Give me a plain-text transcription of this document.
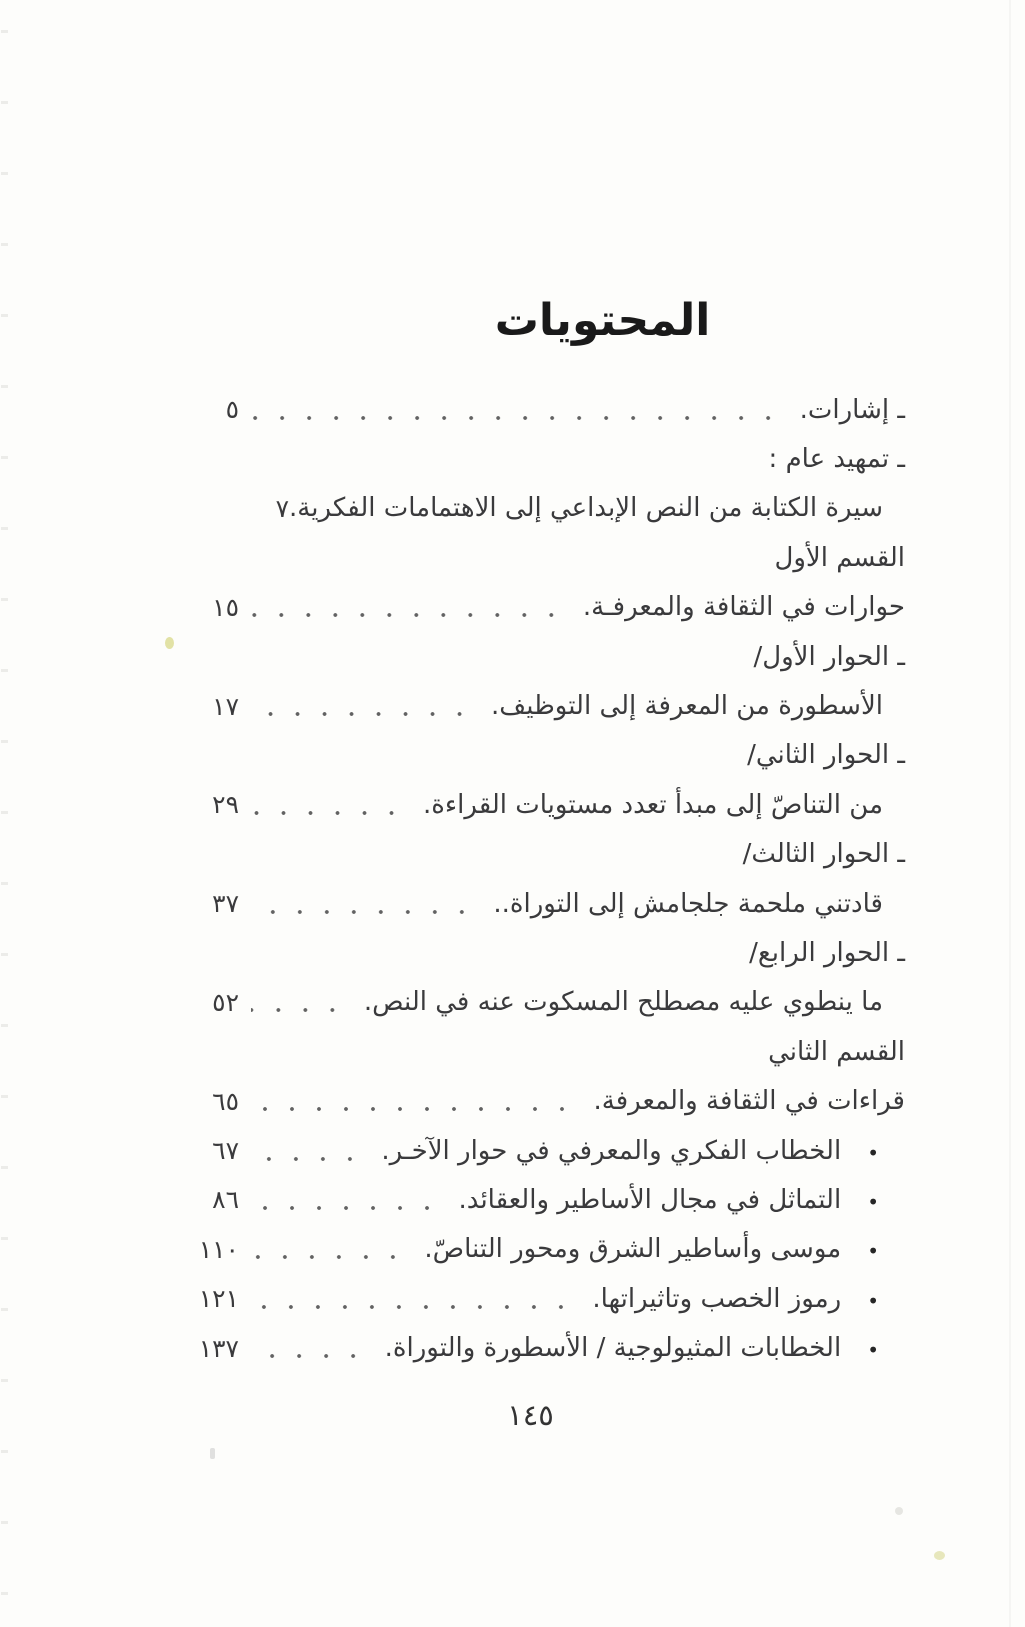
المحتويات
ـ إشارات.
٥
ـ تمهيد عام :
سيرة الكتابة من النص الإبداعي إلى الاهتمامات الفكرية.
٧
القسم الأول
حوارات في الثقافة والمعرفـة.
١٥
ـ الحوار الأول/
الأسطورة من المعرفة إلى التوظيف.
١٧
ـ الحوار الثاني/
من التناصّ إلى مبدأ تعدد مستويات القراءة.
٢٩
ـ الحوار الثالث/
قادتني ملحمة جلجامش إلى التوراة..
٣٧
ـ الحوار الرابع/
ما ينطوي عليه مصطلح المسكوت عنه في النص.
٥٢
القسم الثاني
قراءات في الثقافة والمعرفة.
٦٥
•
الخطاب الفكري والمعرفي في حوار الآخـر.
٦٧
•
التماثل في مجال الأساطير والعقائد.
٨٦
•
موسى وأساطير الشرق ومحور التناصّ.
١١٠
•
رموز الخصب وتاثيراتها.
١٢١
•
الخطابات المثيولوجية / الأسطورة والتوراة.
١٣٧
١٤٥
